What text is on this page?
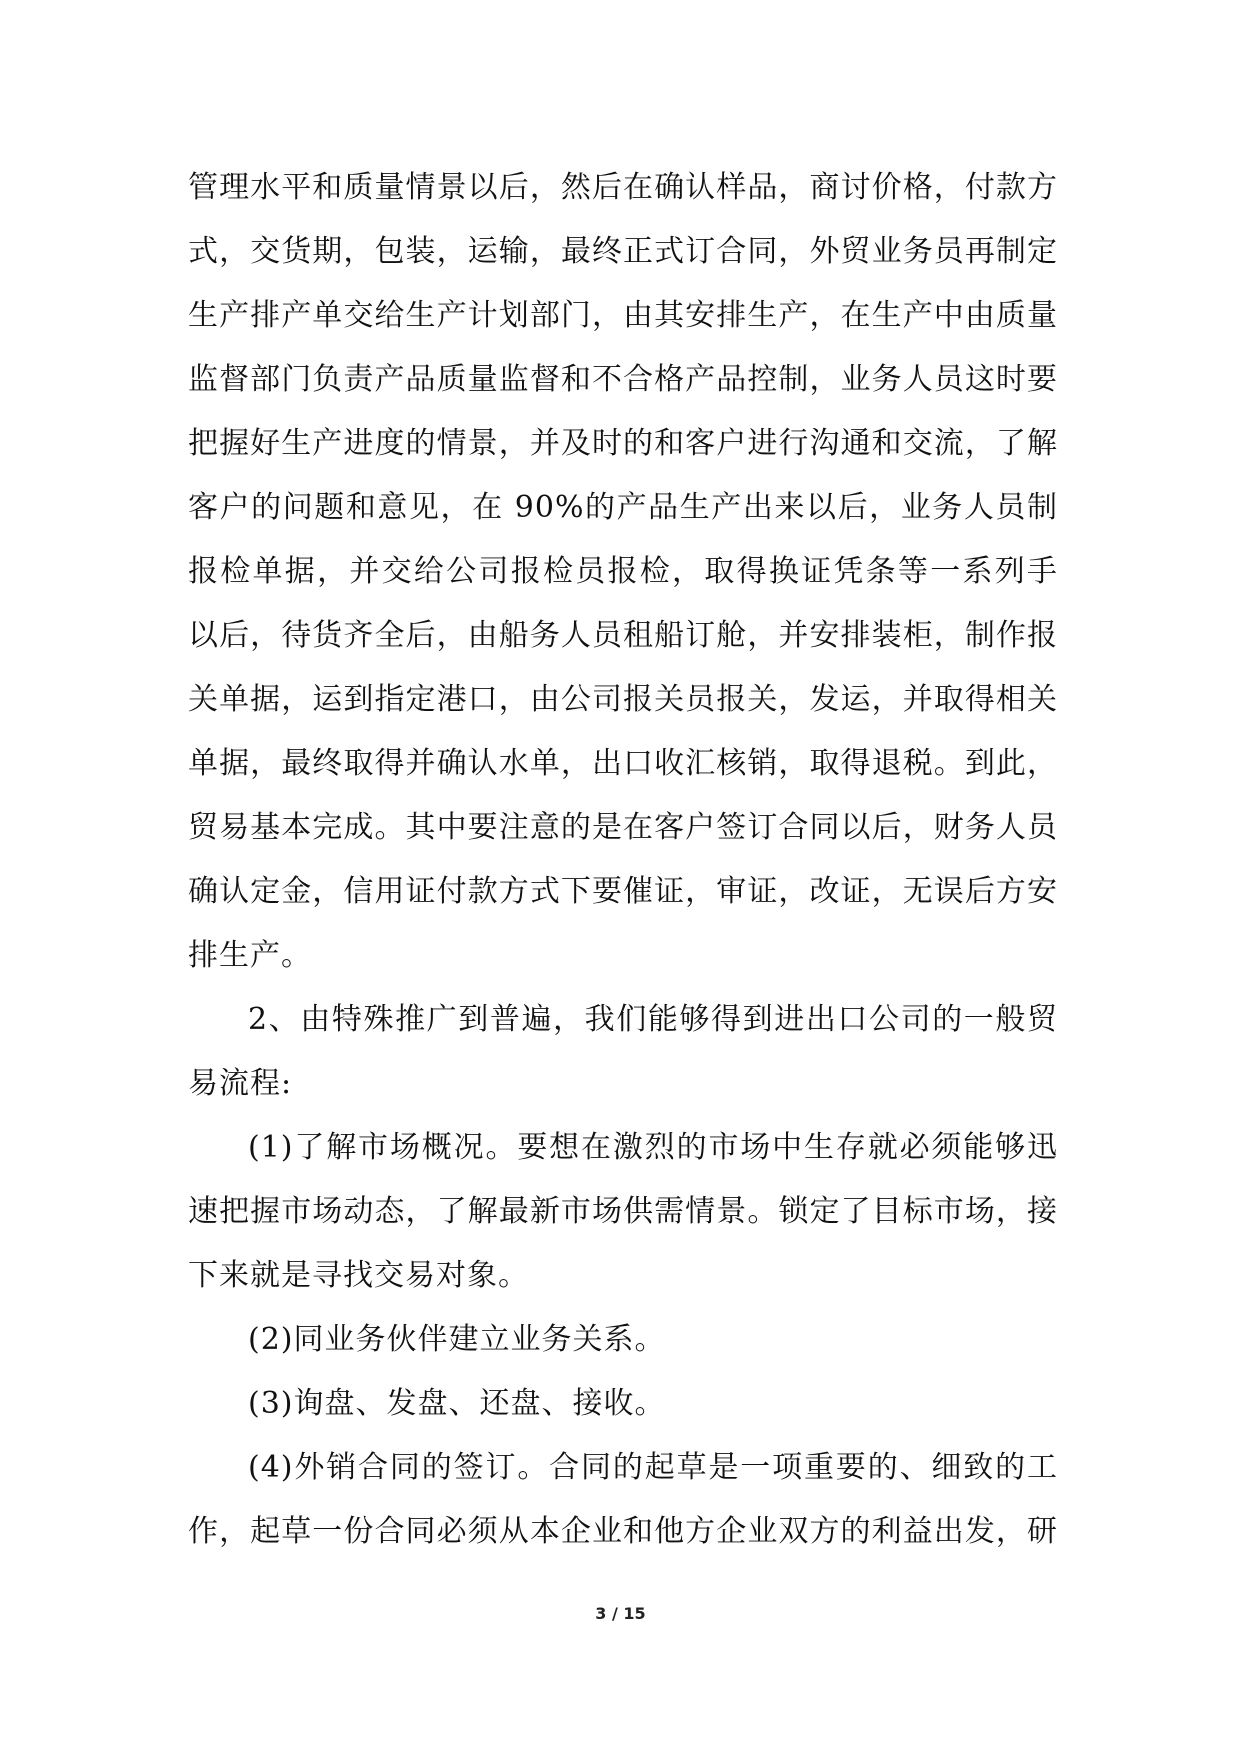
管理水平和质量情景以后，然后在确认样品，商讨价格，付款方
式，交货期，包装，运输，最终正式订合同，外贸业务员再制定
生产排产单交给生产计划部门，由其安排生产，在生产中由质量
监督部门负责产品质量监督和不合格产品控制，业务人员这时要
把握好生产进度的情景，并及时的和客户进行沟通和交流，了解
客户的问题和意见，在 90%的产品生产出来以后，业务人员制
报检单据，并交给公司报检员报检，取得换证凭条等一系列手
以后，待货齐全后，由船务人员租船订舱，并安排装柜，制作报
关单据，运到指定港口，由公司报关员报关，发运，并取得相关
单据，最终取得并确认水单，出口收汇核销，取得退税。到此，
贸易基本完成。其中要注意的是在客户签订合同以后，财务人员
确认定金，信用证付款方式下要催证，审证，改证，无误后方安
排生产。
2、由特殊推广到普遍，我们能够得到进出口公司的一般贸
易流程:
(1)了解市场概况。要想在激烈的市场中生存就必须能够迅
速把握市场动态，了解最新市场供需情景。锁定了目标市场，接
下来就是寻找交易对象。
(2)同业务伙伴建立业务关系。
(3)询盘、发盘、还盘、接收。
(4)外销合同的签订。合同的起草是一项重要的、细致的工
作，起草一份合同必须从本企业和他方企业双方的利益出发，研
3 / 15
